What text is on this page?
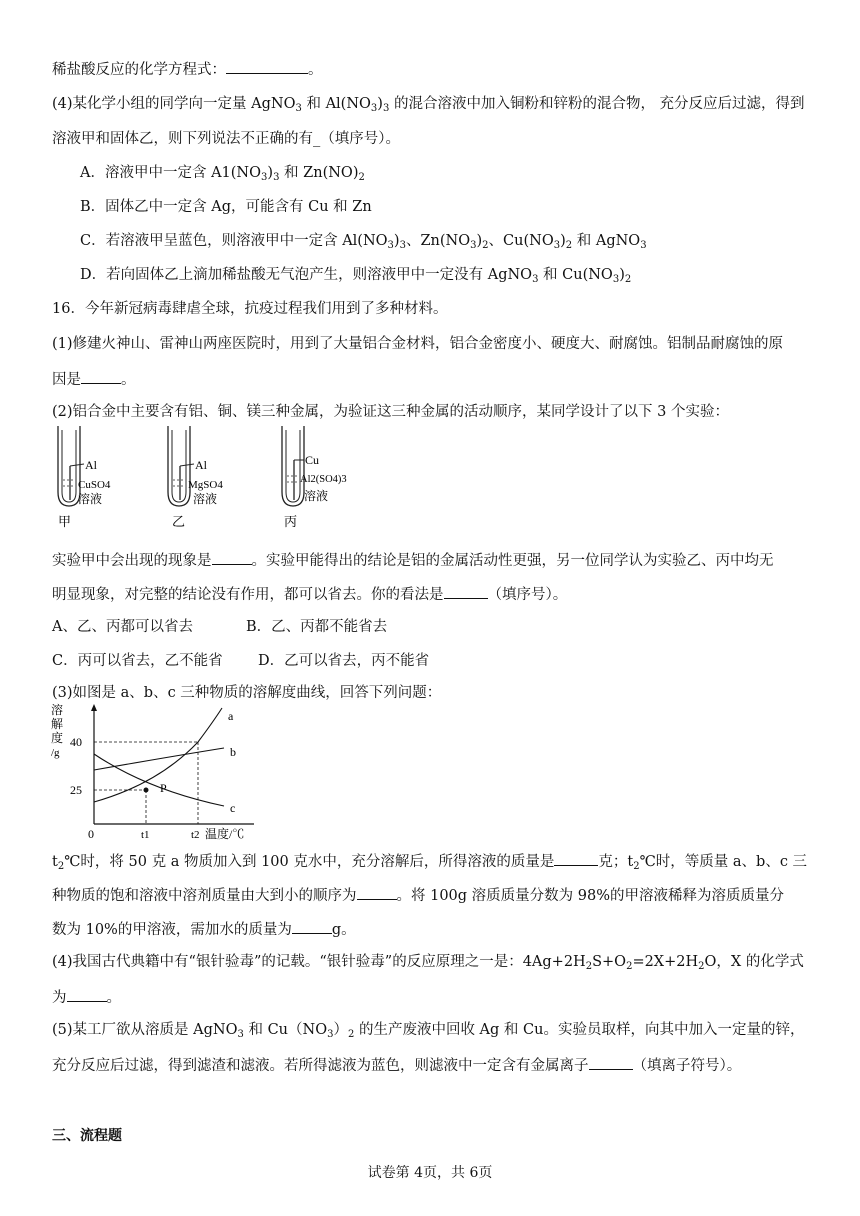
稀盐酸反应的化学方程式：	。
(4)某化学小组的同学向一定量 AgNO$_3$ 和 $Al(NO_3)_3$ 的混合溶液中加入铜粉和锌粉的混合物， 充分反应后过滤，得到
溶液甲和固体乙，则下列说法不正确的有_（填序号）。
A．溶液甲中一定含 $A1(NO_3)_3$ 和 $Zn(NO)_2$
B．固体乙中一定含 Ag，可能含有 Cu 和 Zn
C．若溶液甲呈蓝色，则溶液甲中一定含 $Al(NO_3)_3$、$Zn(NO_3)_2$、$Cu(NO_3)_2$ 和 AgNO$_3$
D．若向固体乙上滴加稀盐酸无气泡产生，则溶液甲中一定没有 AgNO$_3$ 和 $Cu(NO_3)_2$
16．今年新冠病毒肆虐全球，抗疫过程我们用到了多种材料。
(1)修建火神山、雷神山两座医院时，用到了大量铝合金材料，铝合金密度小、硬度大、耐腐蚀。铝制品耐腐蚀的原
因是	。
(2)铝合金中主要含有铝、铜、镁三种金属，为验证这三种金属的活动顺序，某同学设计了以下 3 个实验：
Al
CuSO4
溶液
甲
Al
MgSO4
溶液
乙
Cu
Al2(SO4)3
溶液
丙
实验甲中会出现的现象是	。实验甲能得出的结论是铝的金属活动性更强，另一位同学认为实验乙、丙中均无
明显现象，对完整的结论没有作用，都可以省去。你的看法是	（填序号）。
A、乙、丙都可以省去	B．乙、丙都不能省去
C．丙可以省去，乙不能省 D．乙可以省去，丙不能省
(3)如图是 a、b、c 三种物质的溶解度曲线，回答下列问题：
溶
解
度
/g
40
25
0	t1	t2 温度/℃
a
b
c
P
$t_2℃$时，将 50 克 a 物质加入到 100 克水中，充分溶解后，所得溶液的质量是	克；$t_2℃$时，等质量 a、b、c 三
种物质的饱和溶液中溶剂质量由大到小的顺序为	。将 100g 溶质质量分数为 98%的甲溶液稀释为溶质质量分
数为 10%的甲溶液，需加水的质量为	g。
(4)我国古代典籍中有“银针验毒”的记载。“银针验毒”的反应原理之一是：$4Ag+2H_2S+O_2=2X+2H_2O$，X 的化学式
为	。
(5)某工厂欲从溶质是 AgNO$_3$ 和 $Cu(NO_3)_2$ 的生产废液中回收 Ag 和 Cu。实验员取样，向其中加入一定量的锌，
充分反应后过滤，得到滤渣和滤液。若所得滤液为蓝色，则滤液中一定含有金属离子	（填离子符号）。
三、流程题
试卷第 4页，共 6页
